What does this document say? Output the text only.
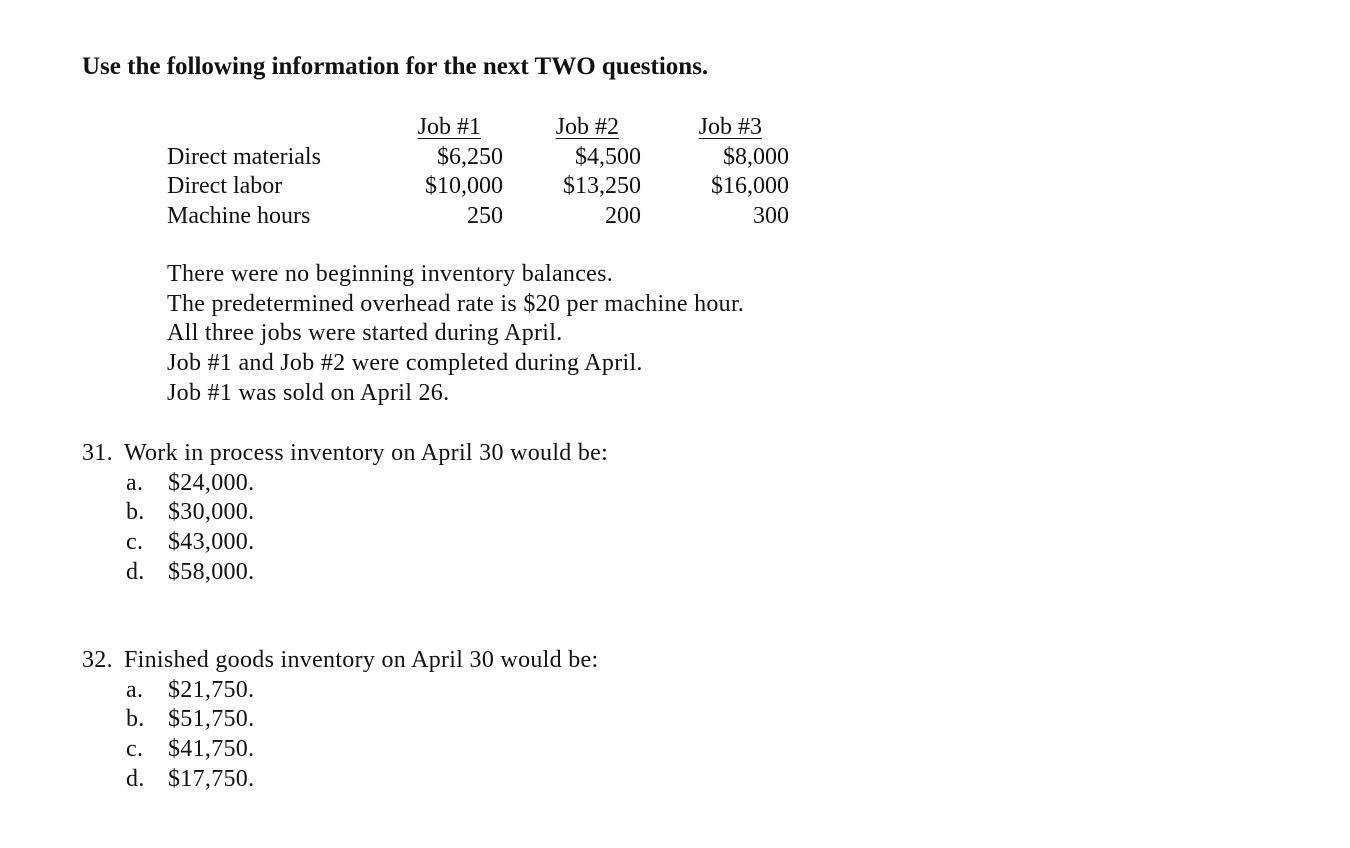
Use the following information for the next TWO questions.
	Job #1	Job #2	Job #3
Direct materials	$6,250	$4,500	$8,000
Direct labor	$10,000	$13,250	$16,000
Machine hours	250	200	300
There were no beginning inventory balances.
The predetermined overhead rate is $20 per machine hour.
All three jobs were started during April.
Job #1 and Job #2 were completed during April.
Job #1 was sold on April 26.
31. Work in process inventory on April 30 would be:
a. $24,000.
b. $30,000.
c. $43,000.
d. $58,000.
32. Finished goods inventory on April 30 would be:
a. $21,750.
b. $51,750.
c. $41,750.
d. $17,750.
